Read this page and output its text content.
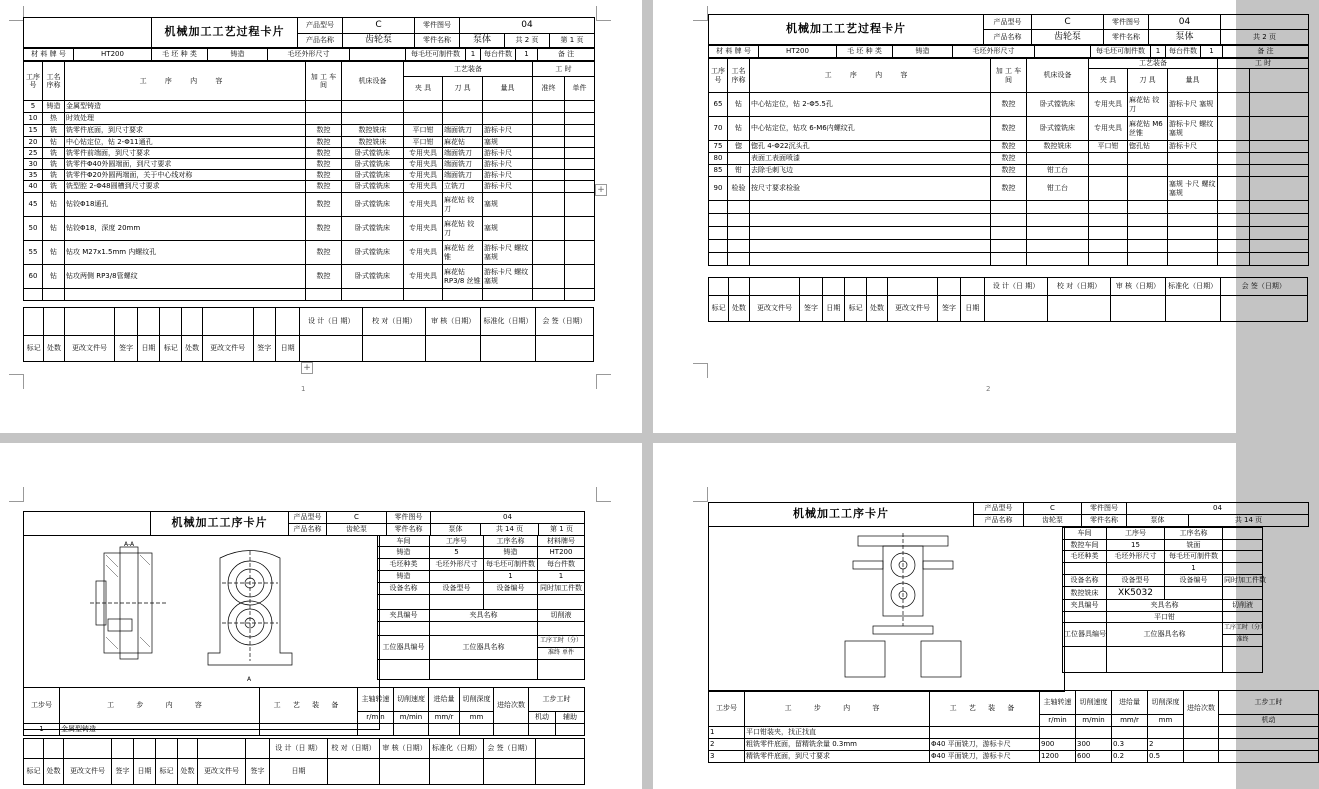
	机械加工工艺过程卡片	产品型号	C	零件图号	04		
		产品名称	齿轮泵	零件名称	泵体	共 2 页	第 1 页
材 料 牌 号	HT200	毛 坯 种 类	铸造	毛坯外形尺寸		每毛坯可制件数	1	每台件数	1	备 注
工序号	工名 序称	工 序 内 容	加 工 车 间	机床设备	工艺装备			工 时	
					夹 具	刀 具	量具	准终	单件
5	铸造	金属型铸造							
10	热	时效处理							
15	铣	铣零件底面，到尺寸要求	数控	数控铣床	平口钳	端面铣刀	游标卡尺		
20	钻	中心钻定位，钻 2-Φ11通孔	数控	数控铣床	平口钳	麻花钻	塞规		
25	铣	铣零件前端面，到尺寸要求	数控	卧式镗铣床	专用夹具	端面铣刀	游标卡尺		
30	铣	铣零件Φ40外圆端面，到尺寸要求	数控	卧式镗铣床	专用夹具	端面铣刀	游标卡尺		
35	铣	铣零件Φ20外圆两端面，关于中心线对称	数控	卧式镗铣床	专用夹具	端面铣刀	游标卡尺		
40	铣	铣型腔 2-Φ48圆槽到尺寸要求	数控	卧式镗铣床	专用夹具	立铣刀	游标卡尺		
45	钻	钻铰Φ18通孔	数控	卧式镗铣床	专用夹具	麻花钻 铰刀	塞规		
50	钻	钻铰Φ18，深度 20mm	数控	卧式镗铣床	专用夹具	麻花钻 铰刀	塞规		
55	钻	钻攻 M27x1.5mm 内螺纹孔	数控	卧式镗铣床	专用夹具	麻花钻 丝锥	游标卡尺 螺纹塞规		
60	钻	钻攻两侧 RP3/8管螺纹	数控	卧式镗铣床	专用夹具	麻花钻 RP3/8 丝锥	游标卡尺 螺纹塞规		

										设 计（日 期）	校 对（日期）	审 核（日期）	标准化（日期）	会 签（日期）
标记	处数	更改文件号	签字	日期	标记	处数	更改文件号	签字	日期					
+
+
1
机械加工工艺过程卡片	产品型号	C	零件图号	04	
	产品名称	齿轮泵	零件名称	泵体	共 2 页
材 料 牌 号	HT200	毛 坯 种 类	铸造	毛坯外形尺寸		每毛坯可制件数	1	每台件数	1	备 注
工序号	工名 序称	工 序 内 容	加 工 车 间	机床设备	工艺装备			工 时	
					夹 具	刀 具	量具		
65	钻	中心钻定位，钻 2-Φ5.5孔	数控	卧式镗铣床	专用夹具	麻花钻 铰刀	游标卡尺 塞规		
70	钻	中心钻定位，钻攻 6-M6内螺纹孔	数控	卧式镗铣床	专用夹具	麻花钻 M6 丝锥	游标卡尺 螺纹塞规		
75	锪	锪孔 4-Φ22沉头孔	数控	数控铣床	平口钳	锪孔钻	游标卡尺		
80		表面工表面喷漆	数控						
85	钳	去除毛刺飞边	数控	钳工台					
90	检验	按尺寸要求检验	数控	钳工台			塞规 卡尺 螺纹塞规		

										设 计（日 期）	校 对（日期）	审 核（日期）	标准化（日期）	会 签（日期）
标记	处数	更改文件号	签字	日期	标记	处数	更改文件号	签字	日期					
2
	机械加工工序卡片	产品型号	C	零件图号	04		
		产品名称	齿轮泵	零件名称	泵体	共 14 页	第 1 页
A-A
A
车间	工序号	工序名称	材料牌号
铸造	5	铸造	HT200
毛坯种类	毛坯外形尺寸	每毛坯可制件数	每台件数
铸造		1	1
设备名称	设备型号	设备编号	同时加工件数

夹具编号	夹具名称		切削液

工位器具编号	工位器具名称		工序工时（分）
			准终 单件

工步号	工 步 内 容	工 艺 装 备	主轴转速	切削速度	进给量	切削深度	进给次数	工步工时	
			r/min	m/min	mm/r	mm		机动	辅助
1	金属型铸造								
									设 计（日 期）	校 对（日期）	审 核（日期）	标准化（日期）	会 签（日期）	
标记	处数	更改文件号	签字	日期	标记	处数	更改文件号	签字	日期					
机械加工工序卡片	产品型号	C	零件图号	04	
	产品名称	齿轮泵	零件名称	泵体	共 14 页
车间	工序号	工序名称	
数控车间	15	铣面	
毛坯种类	毛坯外形尺寸	每毛坯可制件数	
		1	
设备名称	设备型号	设备编号	同时加工件数
数控铣床	XK5032		
夹具编号	夹具名称		切削液
	平口钳		
工位器具编号	工位器具名称		工序工时（分）
			准终

工步号	工 步 内 容	工 艺 装 备	主轴转速	切削速度	进给量	切削深度	进给次数	工步工时
			r/min	m/min	mm/r	mm		机动
1	平口钳装夹，找正找直							
2	粗铣零件底面，留精铣余量 0.3mm	Φ40 平面铣刀，游标卡尺	900	300	0.3	2		
3	精铣零件底面，到尺寸要求	Φ40 平面铣刀，游标卡尺	1200	600	0.2	0.5		
